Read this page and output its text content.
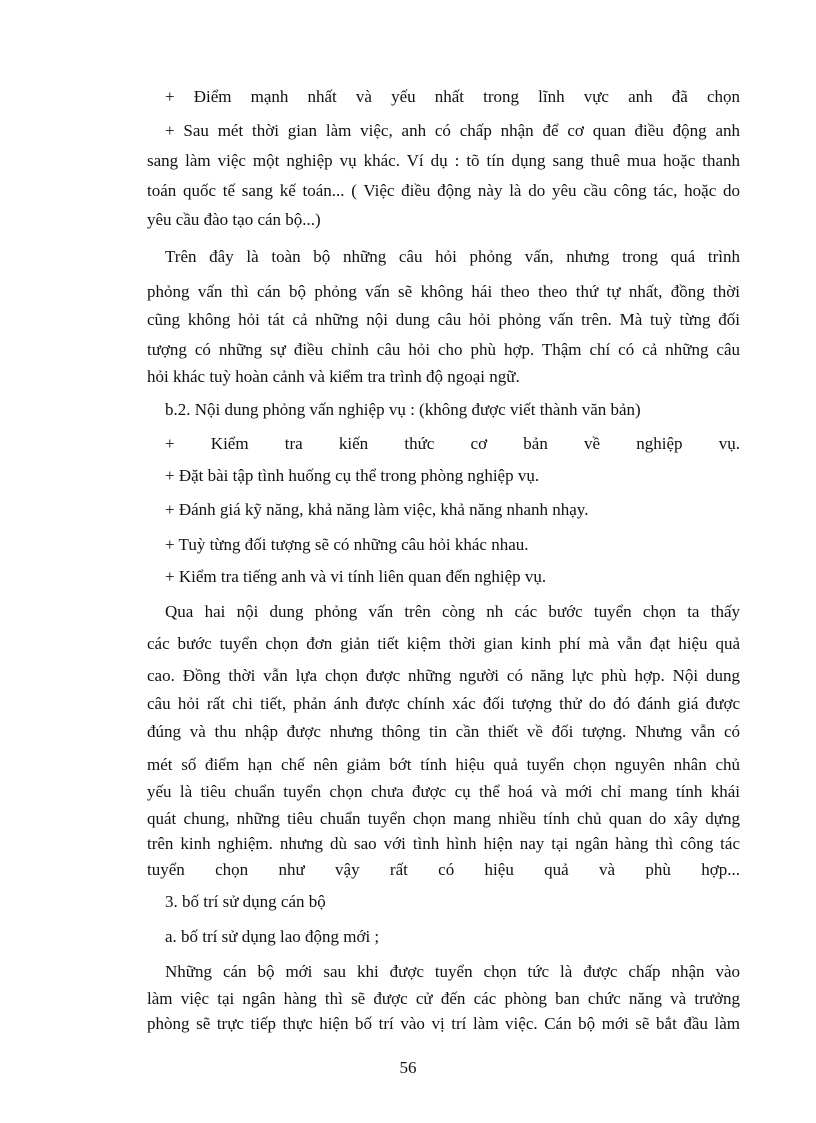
+ Điểm mạnh nhất và yếu nhất trong lĩnh vực anh đã chọn
+ Sau mét thời gian làm việc, anh có chấp nhận để cơ quan điều động anh
sang làm việc một nghiệp vụ khác. Ví dụ : tõ tín dụng sang thuê mua hoặc thanh
toán quốc tế sang kế toán... ( Việc điều động này là do yêu cầu công tác, hoặc do
yêu cầu đào tạo cán bộ...)
Trên đây là toàn bộ những câu hỏi phỏng vấn, nhưng trong quá trình
phỏng vấn thì cán bộ phỏng vấn sẽ không hái theo theo thứ tự nhất, đồng thời
cũng không hỏi tát cả những nội dung câu hỏi phỏng vấn trên. Mà tuỳ từng đối
tượng có những sự điều chỉnh câu hỏi cho phù hợp. Thậm chí có cả những câu
hỏi khác tuỳ hoàn cảnh và kiểm tra trình độ ngoại ngữ.
b.2. Nội dung phỏng vấn nghiệp vụ : (không được viết thành văn bản)
+ Kiểm tra kiến thức cơ bản về nghiệp vụ.
+ Đặt bài tập tình huống cụ thể trong phòng nghiệp vụ.
+ Đánh giá kỹ năng, khả năng làm việc, khả năng nhanh nhạy.
+ Tuỳ từng đối tượng sẽ có những câu hỏi khác nhau.
+ Kiểm tra tiếng anh và vi tính liên quan đến nghiệp vụ.
Qua hai nội dung phỏng vấn trên còng nh các bước tuyển chọn ta thấy
các bước tuyển chọn đơn giản tiết kiệm thời gian kinh phí mà vẫn đạt hiệu quả
cao. Đồng thời vẫn lựa chọn được những người có năng lực phù hợp. Nội dung
câu hỏi rất chi tiết, phản ánh được chính xác đối tượng thử do đó đánh giá được
đúng và thu nhập được nhưng thông tin cần thiết về đối tượng. Nhưng vẫn có
mét số điểm hạn chế nên giảm bớt tính hiệu quả tuyển chọn nguyên nhân chủ
yếu là tiêu chuẩn tuyển chọn chưa được cụ thể hoá và mới chỉ mang tính khái
quát chung, những tiêu chuẩn tuyển chọn mang nhiều tính chủ quan do xây dựng
trên kinh nghiệm. nhưng dù sao với tình hình hiện nay tại ngân hàng thì công tác
tuyển chọn như vậy rất có hiệu quả và phù hợp...
3. bố trí sử dụng cán bộ
a. bố trí sử dụng lao động mới ;
Những cán bộ mới sau khi được tuyển chọn tức là được chấp nhận vào
làm việc tại ngân hàng thì sẽ được cử đến các phòng ban chức năng và trưởng
phòng sẽ trực tiếp thực hiện bố trí vào vị trí làm việc. Cán bộ mới sẽ bắt đầu làm
56
